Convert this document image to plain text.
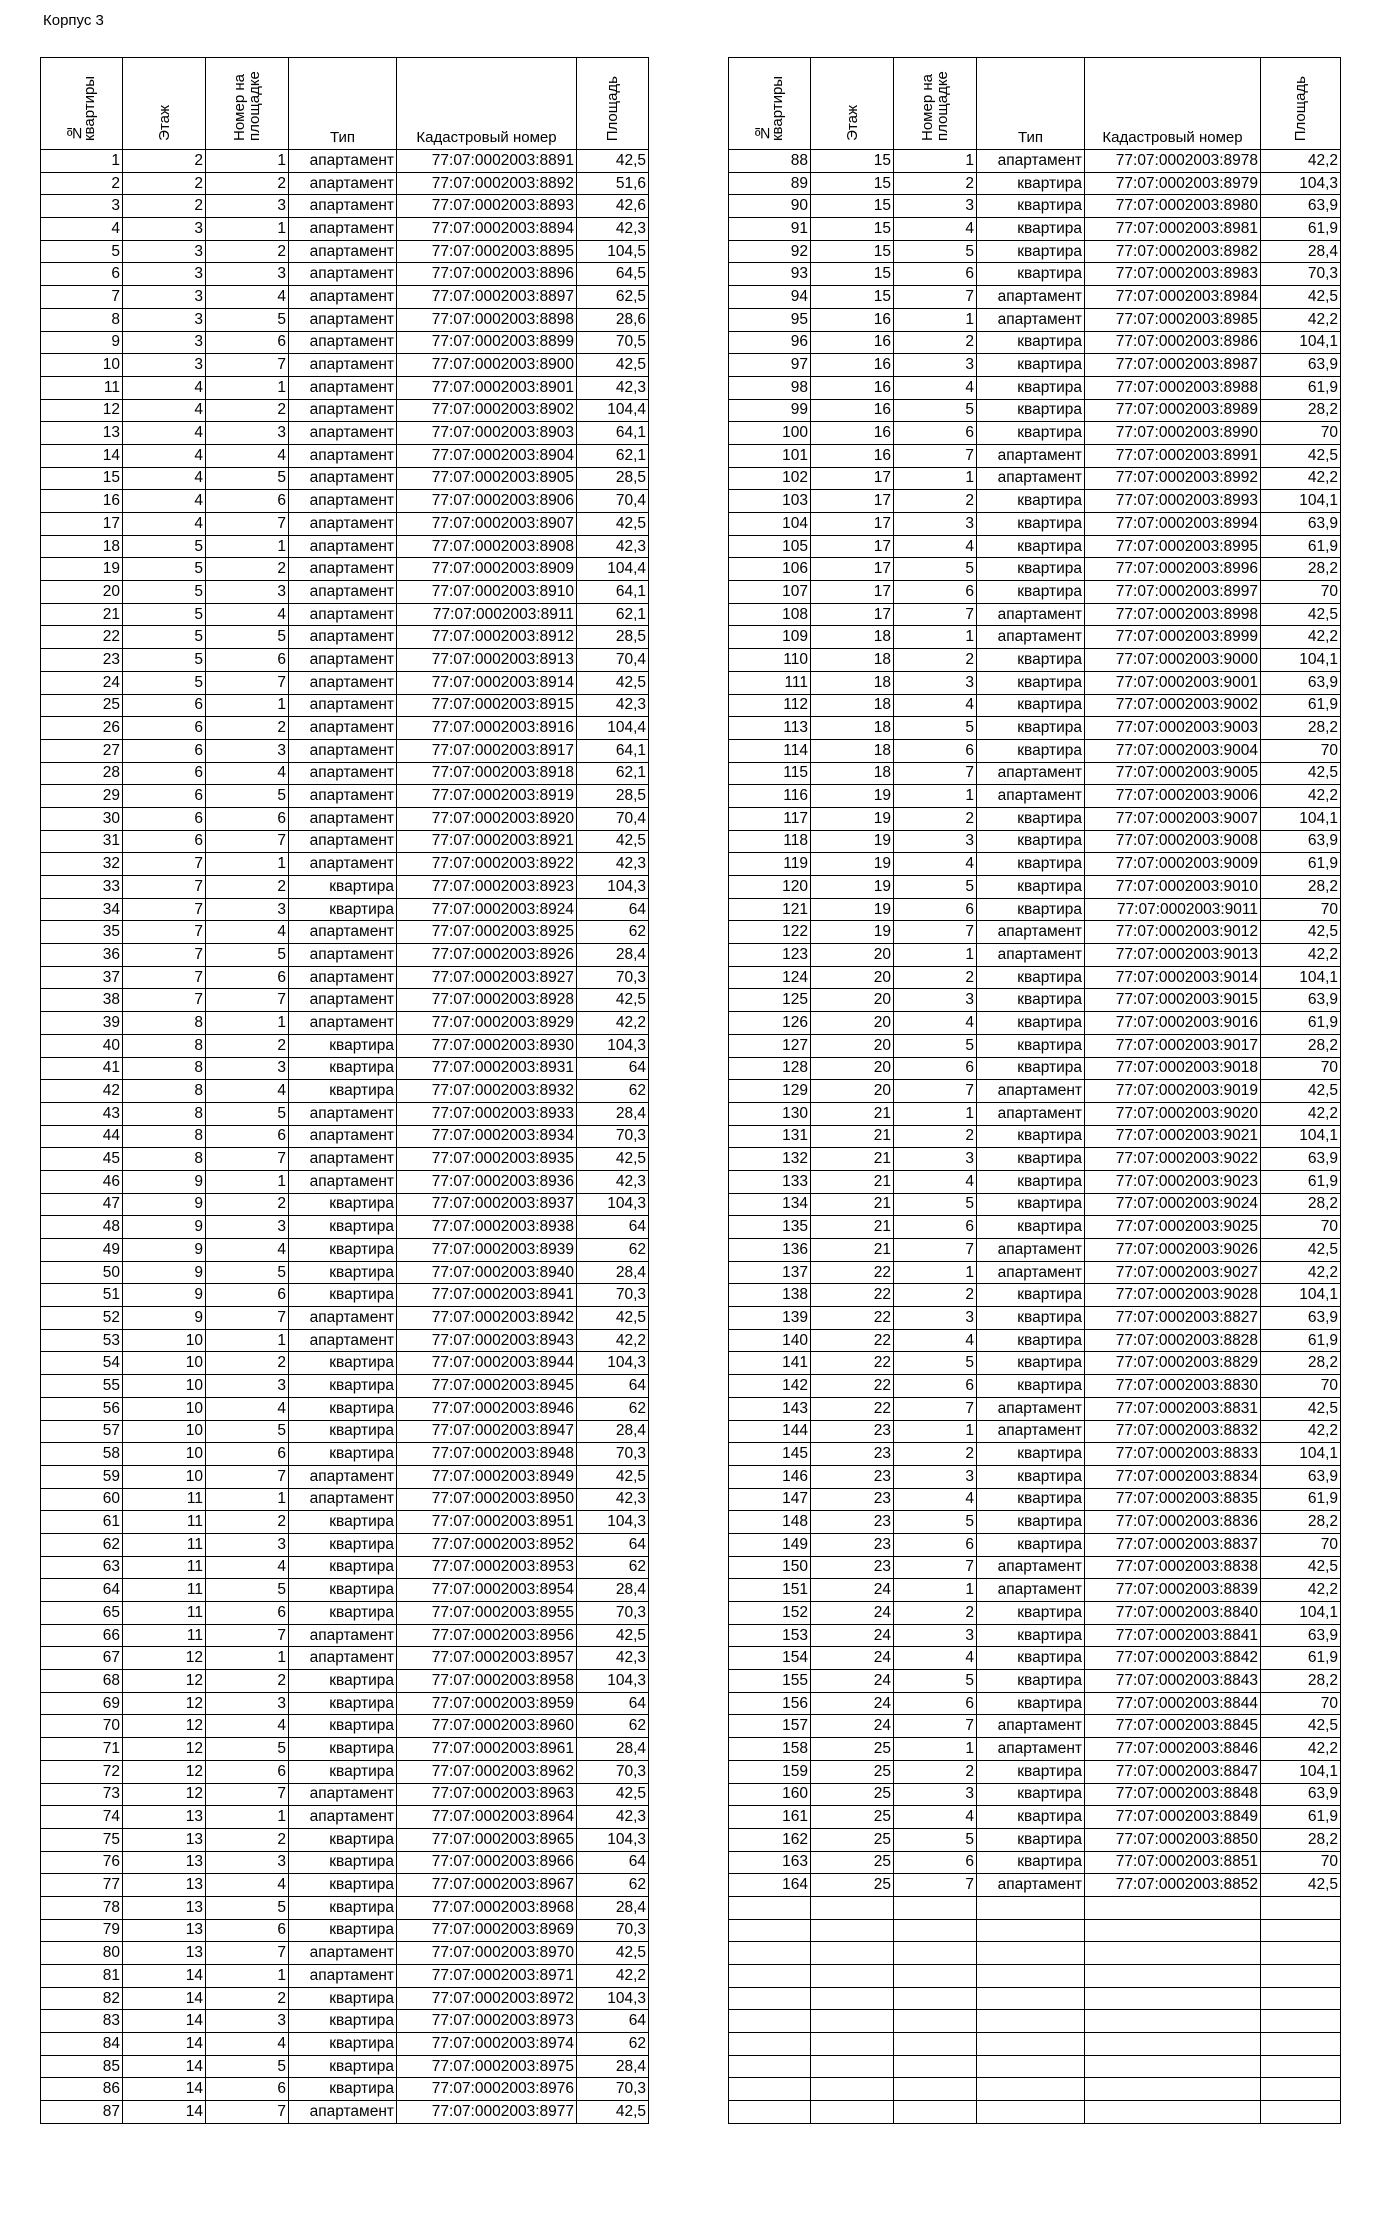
Корпус 3
№ квартиры	Этаж	Номер на площадке	Тип	Кадастровый номер	Площадь
1	2	1	апартамент	77:07:0002003:8891	42,5
2	2	2	апартамент	77:07:0002003:8892	51,6
3	2	3	апартамент	77:07:0002003:8893	42,6
4	3	1	апартамент	77:07:0002003:8894	42,3
5	3	2	апартамент	77:07:0002003:8895	104,5
6	3	3	апартамент	77:07:0002003:8896	64,5
7	3	4	апартамент	77:07:0002003:8897	62,5
8	3	5	апартамент	77:07:0002003:8898	28,6
9	3	6	апартамент	77:07:0002003:8899	70,5
10	3	7	апартамент	77:07:0002003:8900	42,5
11	4	1	апартамент	77:07:0002003:8901	42,3
12	4	2	апартамент	77:07:0002003:8902	104,4
13	4	3	апартамент	77:07:0002003:8903	64,1
14	4	4	апартамент	77:07:0002003:8904	62,1
15	4	5	апартамент	77:07:0002003:8905	28,5
16	4	6	апартамент	77:07:0002003:8906	70,4
17	4	7	апартамент	77:07:0002003:8907	42,5
18	5	1	апартамент	77:07:0002003:8908	42,3
19	5	2	апартамент	77:07:0002003:8909	104,4
20	5	3	апартамент	77:07:0002003:8910	64,1
21	5	4	апартамент	77:07:0002003:8911	62,1
22	5	5	апартамент	77:07:0002003:8912	28,5
23	5	6	апартамент	77:07:0002003:8913	70,4
24	5	7	апартамент	77:07:0002003:8914	42,5
25	6	1	апартамент	77:07:0002003:8915	42,3
26	6	2	апартамент	77:07:0002003:8916	104,4
27	6	3	апартамент	77:07:0002003:8917	64,1
28	6	4	апартамент	77:07:0002003:8918	62,1
29	6	5	апартамент	77:07:0002003:8919	28,5
30	6	6	апартамент	77:07:0002003:8920	70,4
31	6	7	апартамент	77:07:0002003:8921	42,5
32	7	1	апартамент	77:07:0002003:8922	42,3
33	7	2	квартира	77:07:0002003:8923	104,3
34	7	3	квартира	77:07:0002003:8924	64
35	7	4	апартамент	77:07:0002003:8925	62
36	7	5	апартамент	77:07:0002003:8926	28,4
37	7	6	апартамент	77:07:0002003:8927	70,3
38	7	7	апартамент	77:07:0002003:8928	42,5
39	8	1	апартамент	77:07:0002003:8929	42,2
40	8	2	квартира	77:07:0002003:8930	104,3
41	8	3	квартира	77:07:0002003:8931	64
42	8	4	квартира	77:07:0002003:8932	62
43	8	5	апартамент	77:07:0002003:8933	28,4
44	8	6	апартамент	77:07:0002003:8934	70,3
45	8	7	апартамент	77:07:0002003:8935	42,5
46	9	1	апартамент	77:07:0002003:8936	42,3
47	9	2	квартира	77:07:0002003:8937	104,3
48	9	3	квартира	77:07:0002003:8938	64
49	9	4	квартира	77:07:0002003:8939	62
50	9	5	квартира	77:07:0002003:8940	28,4
51	9	6	квартира	77:07:0002003:8941	70,3
52	9	7	апартамент	77:07:0002003:8942	42,5
53	10	1	апартамент	77:07:0002003:8943	42,2
54	10	2	квартира	77:07:0002003:8944	104,3
55	10	3	квартира	77:07:0002003:8945	64
56	10	4	квартира	77:07:0002003:8946	62
57	10	5	квартира	77:07:0002003:8947	28,4
58	10	6	квартира	77:07:0002003:8948	70,3
59	10	7	апартамент	77:07:0002003:8949	42,5
60	11	1	апартамент	77:07:0002003:8950	42,3
61	11	2	квартира	77:07:0002003:8951	104,3
62	11	3	квартира	77:07:0002003:8952	64
63	11	4	квартира	77:07:0002003:8953	62
64	11	5	квартира	77:07:0002003:8954	28,4
65	11	6	квартира	77:07:0002003:8955	70,3
66	11	7	апартамент	77:07:0002003:8956	42,5
67	12	1	апартамент	77:07:0002003:8957	42,3
68	12	2	квартира	77:07:0002003:8958	104,3
69	12	3	квартира	77:07:0002003:8959	64
70	12	4	квартира	77:07:0002003:8960	62
71	12	5	квартира	77:07:0002003:8961	28,4
72	12	6	квартира	77:07:0002003:8962	70,3
73	12	7	апартамент	77:07:0002003:8963	42,5
74	13	1	апартамент	77:07:0002003:8964	42,3
75	13	2	квартира	77:07:0002003:8965	104,3
76	13	3	квартира	77:07:0002003:8966	64
77	13	4	квартира	77:07:0002003:8967	62
78	13	5	квартира	77:07:0002003:8968	28,4
79	13	6	квартира	77:07:0002003:8969	70,3
80	13	7	апартамент	77:07:0002003:8970	42,5
81	14	1	апартамент	77:07:0002003:8971	42,2
82	14	2	квартира	77:07:0002003:8972	104,3
83	14	3	квартира	77:07:0002003:8973	64
84	14	4	квартира	77:07:0002003:8974	62
85	14	5	квартира	77:07:0002003:8975	28,4
86	14	6	квартира	77:07:0002003:8976	70,3
87	14	7	апартамент	77:07:0002003:8977	42,5
№ квартиры	Этаж	Номер на площадке	Тип	Кадастровый номер	Площадь
88	15	1	апартамент	77:07:0002003:8978	42,2
89	15	2	квартира	77:07:0002003:8979	104,3
90	15	3	квартира	77:07:0002003:8980	63,9
91	15	4	квартира	77:07:0002003:8981	61,9
92	15	5	квартира	77:07:0002003:8982	28,4
93	15	6	квартира	77:07:0002003:8983	70,3
94	15	7	апартамент	77:07:0002003:8984	42,5
95	16	1	апартамент	77:07:0002003:8985	42,2
96	16	2	квартира	77:07:0002003:8986	104,1
97	16	3	квартира	77:07:0002003:8987	63,9
98	16	4	квартира	77:07:0002003:8988	61,9
99	16	5	квартира	77:07:0002003:8989	28,2
100	16	6	квартира	77:07:0002003:8990	70
101	16	7	апартамент	77:07:0002003:8991	42,5
102	17	1	апартамент	77:07:0002003:8992	42,2
103	17	2	квартира	77:07:0002003:8993	104,1
104	17	3	квартира	77:07:0002003:8994	63,9
105	17	4	квартира	77:07:0002003:8995	61,9
106	17	5	квартира	77:07:0002003:8996	28,2
107	17	6	квартира	77:07:0002003:8997	70
108	17	7	апартамент	77:07:0002003:8998	42,5
109	18	1	апартамент	77:07:0002003:8999	42,2
110	18	2	квартира	77:07:0002003:9000	104,1
111	18	3	квартира	77:07:0002003:9001	63,9
112	18	4	квартира	77:07:0002003:9002	61,9
113	18	5	квартира	77:07:0002003:9003	28,2
114	18	6	квартира	77:07:0002003:9004	70
115	18	7	апартамент	77:07:0002003:9005	42,5
116	19	1	апартамент	77:07:0002003:9006	42,2
117	19	2	квартира	77:07:0002003:9007	104,1
118	19	3	квартира	77:07:0002003:9008	63,9
119	19	4	квартира	77:07:0002003:9009	61,9
120	19	5	квартира	77:07:0002003:9010	28,2
121	19	6	квартира	77:07:0002003:9011	70
122	19	7	апартамент	77:07:0002003:9012	42,5
123	20	1	апартамент	77:07:0002003:9013	42,2
124	20	2	квартира	77:07:0002003:9014	104,1
125	20	3	квартира	77:07:0002003:9015	63,9
126	20	4	квартира	77:07:0002003:9016	61,9
127	20	5	квартира	77:07:0002003:9017	28,2
128	20	6	квартира	77:07:0002003:9018	70
129	20	7	апартамент	77:07:0002003:9019	42,5
130	21	1	апартамент	77:07:0002003:9020	42,2
131	21	2	квартира	77:07:0002003:9021	104,1
132	21	3	квартира	77:07:0002003:9022	63,9
133	21	4	квартира	77:07:0002003:9023	61,9
134	21	5	квартира	77:07:0002003:9024	28,2
135	21	6	квартира	77:07:0002003:9025	70
136	21	7	апартамент	77:07:0002003:9026	42,5
137	22	1	апартамент	77:07:0002003:9027	42,2
138	22	2	квартира	77:07:0002003:9028	104,1
139	22	3	квартира	77:07:0002003:8827	63,9
140	22	4	квартира	77:07:0002003:8828	61,9
141	22	5	квартира	77:07:0002003:8829	28,2
142	22	6	квартира	77:07:0002003:8830	70
143	22	7	апартамент	77:07:0002003:8831	42,5
144	23	1	апартамент	77:07:0002003:8832	42,2
145	23	2	квартира	77:07:0002003:8833	104,1
146	23	3	квартира	77:07:0002003:8834	63,9
147	23	4	квартира	77:07:0002003:8835	61,9
148	23	5	квартира	77:07:0002003:8836	28,2
149	23	6	квартира	77:07:0002003:8837	70
150	23	7	апартамент	77:07:0002003:8838	42,5
151	24	1	апартамент	77:07:0002003:8839	42,2
152	24	2	квартира	77:07:0002003:8840	104,1
153	24	3	квартира	77:07:0002003:8841	63,9
154	24	4	квартира	77:07:0002003:8842	61,9
155	24	5	квартира	77:07:0002003:8843	28,2
156	24	6	квартира	77:07:0002003:8844	70
157	24	7	апартамент	77:07:0002003:8845	42,5
158	25	1	апартамент	77:07:0002003:8846	42,2
159	25	2	квартира	77:07:0002003:8847	104,1
160	25	3	квартира	77:07:0002003:8848	63,9
161	25	4	квартира	77:07:0002003:8849	61,9
162	25	5	квартира	77:07:0002003:8850	28,2
163	25	6	квартира	77:07:0002003:8851	70
164	25	7	апартамент	77:07:0002003:8852	42,5
